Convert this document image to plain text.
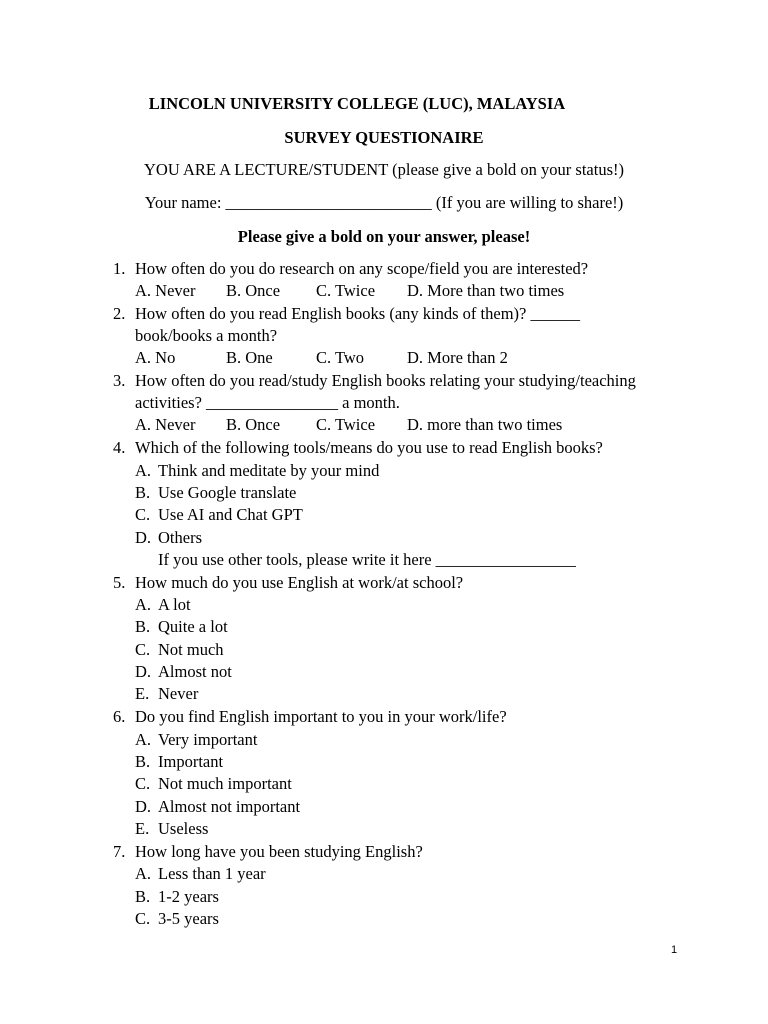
LINCOLN UNIVERSITY COLLEGE (LUC), MALAYSIA
SURVEY QUESTIONAIRE
YOU ARE A LECTURE/STUDENT (please give a bold on your status!)
Your name: _________________________ (If you are willing to share!)
Please give a bold on your answer, please!
1. How often do you do research on any scope/field you are interested?
A. Never B. Once C. Twice D. More than two times
2. How often do you read English books (any kinds of them)? ______
book/books a month?
A. No	B. One	C. Two	D. More than 2
3. How often do you read/study English books relating your studying/teaching
activities? ________________ a month.
A. Never B. Once C. Twice D. more than two times
4. Which of the following tools/means do you use to read English books?
A. Think and meditate by your mind
B. Use Google translate
C. Use AI and Chat GPT
D. Others
If you use other tools, please write it here _________________
5. How much do you use English at work/at school?
A. A lot
B. Quite a lot
C. Not much
D. Almost not
E. Never
6. Do you find English important to you in your work/life?
A. Very important
B. Important
C. Not much important
D. Almost not important
E. Useless
7. How long have you been studying English?
A. Less than 1 year
B. 1-2 years
C. 3-5 years
1
